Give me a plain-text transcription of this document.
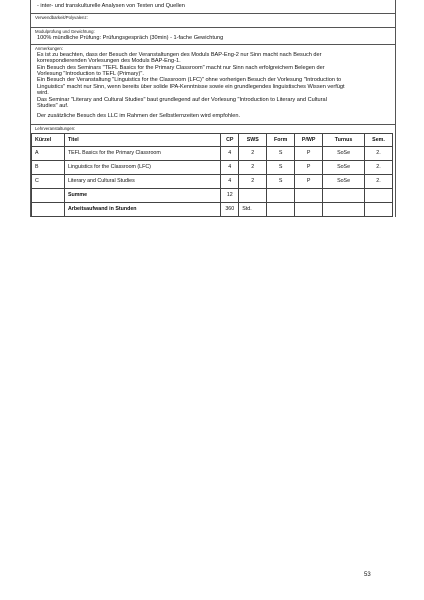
- inter- und transkulturelle Analysen von Texten und Quellen
Verwendbarkeit/Polyvalenz:
Modulprüfung und Gewichtung:
100% mündliche Prüfung: Prüfungsgespräch (30min) - 1-fache Gewichtung
Anmerkungen:

Es ist zu beachten, dass der Besuch der Veranstaltungen des Moduls BAP-Eng-2 nur Sinn macht nach Besuch der

korrespondierenden Vorlesungen des Moduls BAP-Eng-1.

Ein Besuch des Seminars "TEFL Basics for the Primary Classroom" macht nur Sinn nach erfolgreichem Belegen der

Vorlesung "Introduction to TEFL (Primary)".

Ein Besuch der Veranstaltung "Linguistics for the Classroom (LFC)" ohne vorherigen Besuch der Vorlesung "Introduction to

Linguistics" macht nur Sinn, wenn bereits über solide IPA-Kenntnisse sowie ein grundlegendes linguistisches Wissen verfügt

wird.

Das Seminar "Literary and Cultural Studies" baut grundlegend auf der Vorlesung "Introduction to Literary and Cultural

Studies" auf.

Der zusätzliche Besuch des LLC im Rahmen der Selbstlernzeiten wird empfohlen.

Lehrveranstaltungen:
Kürzel	Titel	CP	SWS	Form	P/WP	Turnus	Sem.
A	TEFL Basics for the Primary Classroom	4	2	S	P	SoSe	2.
B	Linguistics for the Classroom (LFC)	4	2	S	P	SoSe	2.
C	Literary and Cultural Studies	4	2	S	P	SoSe	2.
	Summe	12					
	Arbeitsaufwand in Stunden	360	Std.				
53
